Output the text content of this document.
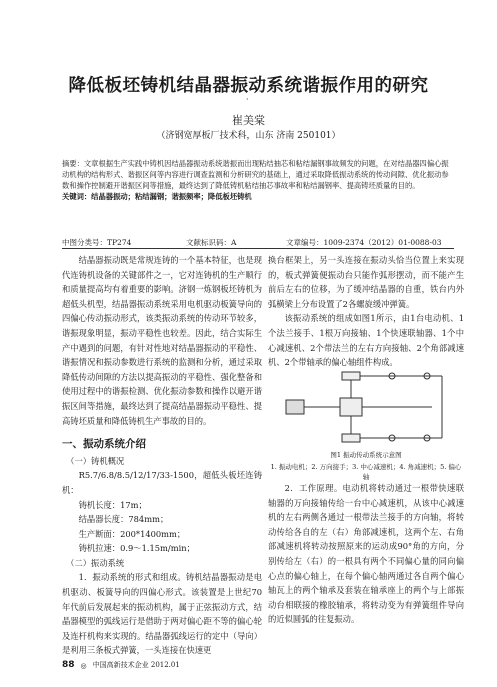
降低板坯铸机结晶器振动系统谐振作用的研究
·
崔美棠
（济钢宽厚板厂技术科，山东 济南 250101）

摘要：文章根据生产实践中铸机因结晶器振动系统谐振而出现粘结抽芯和粘结漏钢事故频发的问题，在对结晶器四偏心振动机构的结构形式、谐振区间等内容进行调查监测和分析研究的基础上，通过采取降低振动系统的传动间隙、优化振动参数和操作控制避开谐振区间等措施，最终达到了降低铸机粘结抽芯事故率和粘结漏钢率、提高铸坯质量的目的。

关键词：结晶器振动；粘结漏钢；谐振频率；降低板坯铸机

中图分类号：TP274	文献标识码：A	文章编号：1009-2374（2012）01-0088-03

结晶器振动既是常规连铸的一个基本特征，也是现代连铸机设备的关键部件之一，它对连铸机的生产顺行和质量提高均有着重要的影响。济钢一炼钢板坯铸机为超低头机型，结晶器振动系统采用电机驱动板簧导向的四偏心传动振动形式，该类振动系统的传动环节较多，谐振现象明显，振动平稳性也较差。因此，结合实际生产中遇到的问题，有针对性地对结晶器振动的平稳性、谐振情况和振动参数进行系统的监测和分析，通过采取降低传动间隙的方法以提高振动的平稳性、强化整备和使用过程中的谐振检测、优化振动参数和操作以避开谐振区间等措施，最终达到了提高结晶器振动平稳性、提高铸坯质量和降低铸机生产事故的目的。

一、振动系统介绍

（一）铸机概况

R5.7/6.8/8.5/12/17/33-1500，超低头板坯连铸机：

铸机长度：17m；

结晶器长度：784mm；

生产断面：200*1400mm；

铸机拉速：0.9～1.15m/min；

（二）振动系统

1．振动系统的形式和组成。铸机结晶器振动是电机驱动、板簧导向的四偏心形式。该装置是上世纪70年代前后发展起来的振动机构，属于正弦振动方式，结晶器模型的弧线运行是借助于两对偏心距不等的偏心轮及连杆机构来实现的。结晶器弧线运行的定中（导向）是利用三条板式弹簧，一头连接在快速更

换台框架上，另一头连接在振动头恰当位置上来实现的，板式弹簧便振动台只能作弧形摆动，而不能产生前后左右的位移，为了缓冲结晶器的自重，铁台内外弧横梁上分布设置了2各螺旋缓冲弹簧。

该振动系统的组成如图1所示，由1台电动机、1个法兰接手、1根万向接轴、1个快速联轴器、1个中心减速机、2个带法兰的左右方向接轴、2个角部减速机、2个带轴承的偏心轴组件构成。

图1 振动传动系统示意图
1. 振动电机；2. 万向接手；3. 中心减速机；4. 角减速机；5. 偏心轴

2．工作原理。电动机将转动通过一根带快速联轴器的万向接轴传给一台中心减速机，从该中心减速机的左右两侧各通过一根带法兰接手的方向轴，将转动传给各自的左（右）角部减速机，这两个左、右角部减速机将转动按照原来的运动成90°角的方向，分别传给左（右）的一根具有两个不同偏心量的同向偏心点的偏心轴上，在每个偏心轴两通过各自两个偏心轴瓦上的两个轴承及套装在轴承座上的两个与上部振动台相联接的橡胶轴承，将转动变为有弹簧组件导向的近似圆弧的往复振动。

88 ◎ 中国高新技术企业 2012.01
